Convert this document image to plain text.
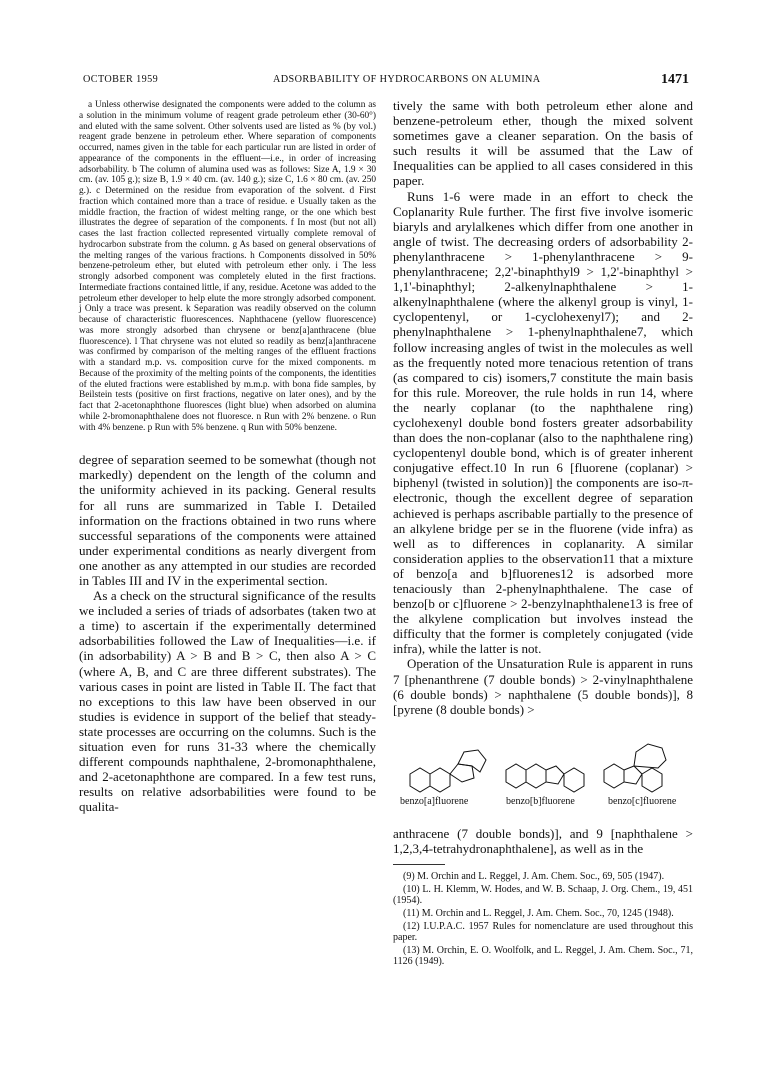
OCTOBER 1959	ADSORBABILITY OF HYDROCARBONS ON ALUMINA	1471

a Unless otherwise designated the components were added to the column as a solution in the minimum volume of reagent grade petroleum ether (30-60°) and eluted with the same solvent. Other solvents used are listed as % (by vol.) reagent grade benzene in petroleum ether. Where separation of components occurred, names given in the table for each particular run are listed in order of appearance of the components in the effluent—i.e., in order of increasing adsorbability. b The column of alumina used was as follows: Size A, 1.9 × 30 cm. (av. 105 g.); size B, 1.9 × 40 cm. (av. 140 g.); size C, 1.6 × 80 cm. (av. 250 g.). c Determined on the residue from evaporation of the solvent. d First fraction which contained more than a trace of residue. e Usually taken as the middle fraction, the fraction of widest melting range, or the one which best illustrates the degree of separation of the components. f In most (but not all) cases the last fraction collected represented virtually complete removal of hydrocarbon substrate from the column. g As based on general observations of the melting ranges of the various fractions. h Components dissolved in 50% benzene-petroleum ether, but eluted with petroleum ether only. i The less strongly adsorbed component was completely eluted in the first fractions. Intermediate fractions contained little, if any, residue. Acetone was added to the petroleum ether developer to help elute the more strongly adsorbed component. j Only a trace was present. k Separation was readily observed on the column because of characteristic fluorescences. Naphthacene (yellow fluorescence) was more strongly adsorbed than chrysene or benz[a]anthracene (blue fluorescence). l That chrysene was not eluted so readily as benz[a]anthracene was confirmed by comparison of the melting ranges of the effluent fractions with a standard m.p. vs. composition curve for the mixed components. m Because of the proximity of the melting points of the components, the identities of the eluted fractions were established by m.m.p. with bona fide samples, by Beilstein tests (positive on first fractions, negative on later ones), and by the fact that 2-acetonaphthone fluoresces (light blue) when adsorbed on alumina while 2-bromonaphthalene does not fluoresce. n Run with 2% benzene. o Run with 4% benzene. p Run with 5% benzene. q Run with 50% benzene.

degree of separation seemed to be somewhat (though not markedly) dependent on the length of the column and the uniformity achieved in its packing. General results for all runs are summarized in Table I. Detailed information on the fractions obtained in two runs where successful separations of the components were attained under experimental conditions as nearly divergent from one another as any attempted in our studies are recorded in Tables III and IV in the experimental section.

As a check on the structural significance of the results we included a series of triads of adsorbates (taken two at a time) to ascertain if the experimentally determined adsorbabilities followed the Law of Inequalities—i.e. if (in adsorbability) A > B and B > C, then also A > C (where A, B, and C are three different substrates). The various cases in point are listed in Table II. The fact that no exceptions to this law have been observed in our studies is evidence in support of the belief that steady-state processes are occurring on the columns. Such is the situation even for runs 31-33 where the chemically different compounds naphthalene, 2-bromonaphthalene, and 2-acetonaphthone are compared. In a few test runs, results on relative adsorbabilities were found to be qualita-

tively the same with both petroleum ether alone and benzene-petroleum ether, though the mixed solvent sometimes gave a cleaner separation. On the basis of such results it will be assumed that the Law of Inequalities can be applied to all cases considered in this paper.

Runs 1-6 were made in an effort to check the Coplanarity Rule further. The first five involve isomeric biaryls and arylalkenes which differ from one another in angle of twist. The decreasing orders of adsorbability 2-phenylanthracene > 1-phenylanthracene > 9-phenylanthracene; 2,2'-binaphthyl9 > 1,2'-binaphthyl > 1,1'-binaphthyl; 2-alkenylnaphthalene > 1-alkenylnaphthalene (where the alkenyl group is vinyl, 1-cyclopentenyl, or 1-cyclohexenyl7); and 2-phenylnaphthalene > 1-phenylnaphthalene7, which follow increasing angles of twist in the molecules as well as the frequently noted more tenacious retention of trans (as compared to cis) isomers,7 constitute the main basis for this rule. Moreover, the rule holds in run 14, where the nearly coplanar (to the naphthalene ring) cyclohexenyl double bond fosters greater adsorbability than does the non-coplanar (also to the naphthalene ring) cyclopentenyl double bond, which is of greater inherent conjugative effect.10 In run 6 [fluorene (coplanar) > biphenyl (twisted in solution)] the components are iso-π-electronic, though the excellent degree of separation achieved is perhaps ascribable partially to the presence of an alkylene bridge per se in the fluorene (vide infra) as well as to differences in coplanarity. A similar consideration applies to the observation11 that a mixture of benzo[a and b]fluorenes12 is adsorbed more tenaciously than 2-phenylnaphthalene. The case of benzo[b or c]fluorene > 2-benzylnaphthalene13 is free of the alkylene complication but involves instead the difficulty that the former is completely conjugated (vide infra), while the latter is not.

Operation of the Unsaturation Rule is apparent in runs 7 [phenanthrene (7 double bonds) > 2-vinylnaphthalene (6 double bonds) > naphthalene (5 double bonds)], 8 [pyrene (8 double bonds) >

benzo[a]fluorene	benzo[b]fluorene	benzo[c]fluorene

anthracene (7 double bonds)], and 9 [naphthalene > 1,2,3,4-tetrahydronaphthalene], as well as in the

(9) M. Orchin and L. Reggel, J. Am. Chem. Soc., 69, 505 (1947).

(10) L. H. Klemm, W. Hodes, and W. B. Schaap, J. Org. Chem., 19, 451 (1954).

(11) M. Orchin and L. Reggel, J. Am. Chem. Soc., 70, 1245 (1948).

(12) I.U.P.A.C. 1957 Rules for nomenclature are used throughout this paper.

(13) M. Orchin, E. O. Woolfolk, and L. Reggel, J. Am. Chem. Soc., 71, 1126 (1949).
